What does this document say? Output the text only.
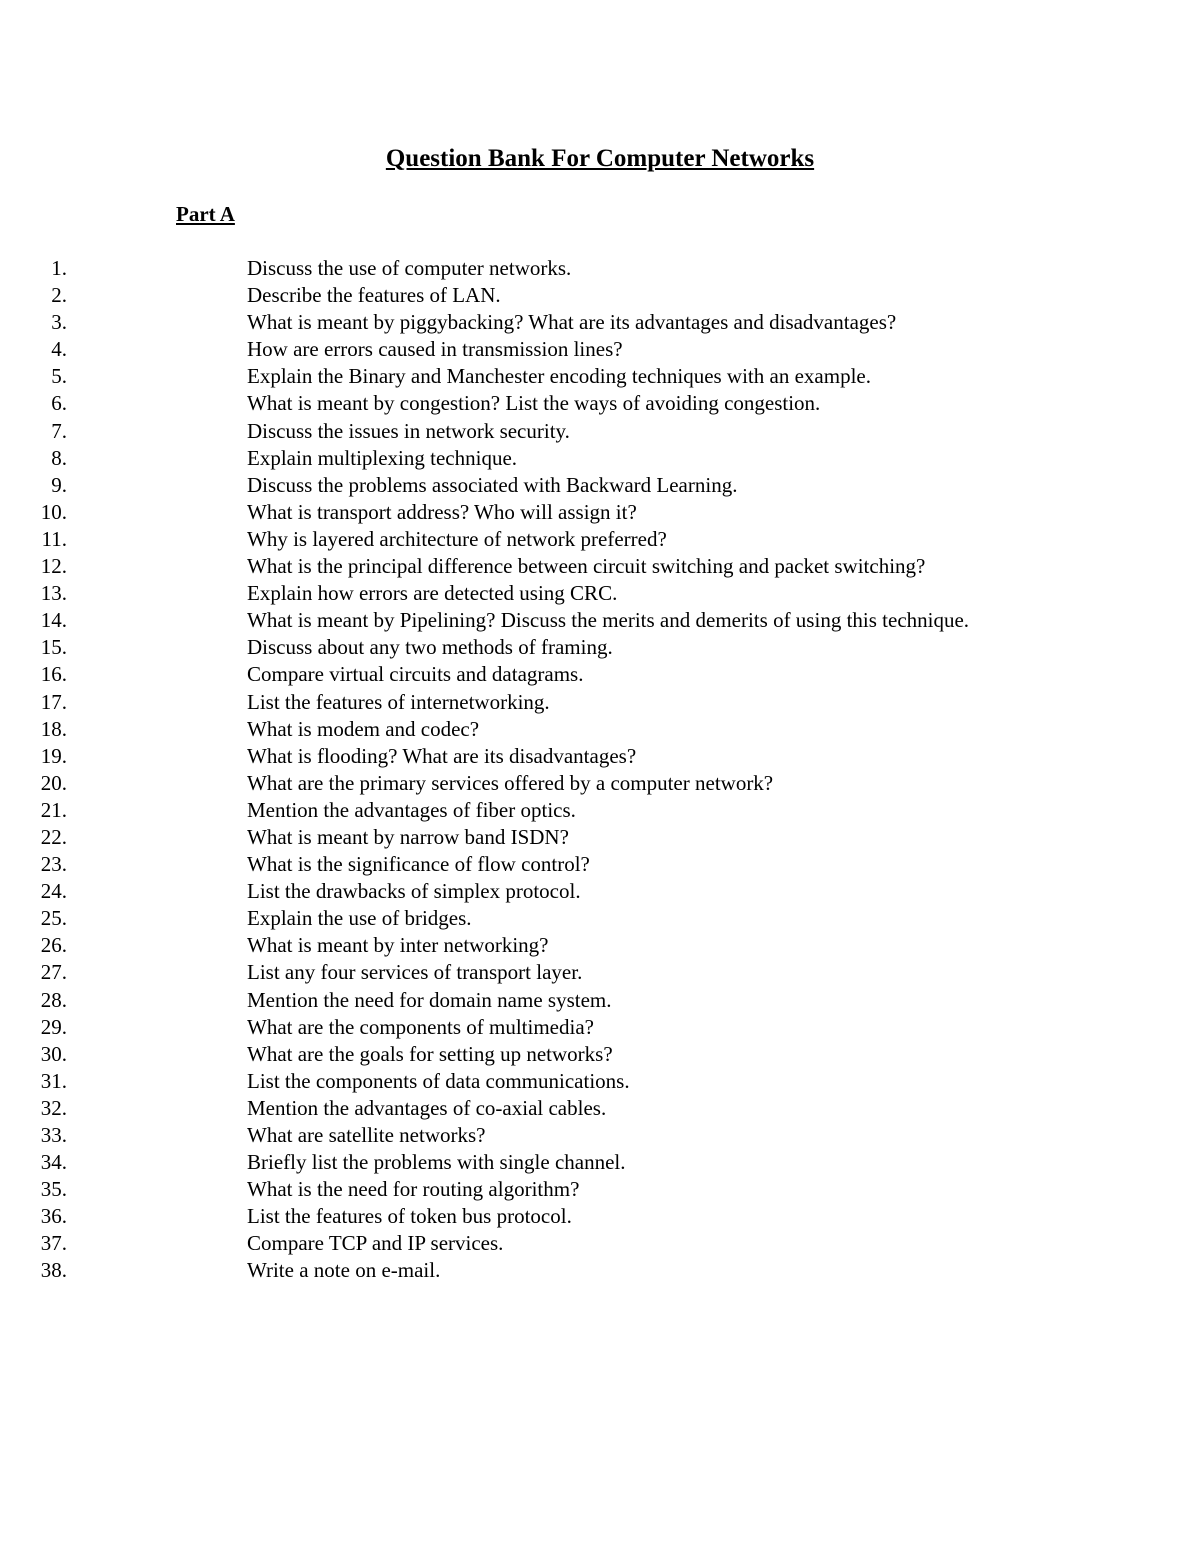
Question Bank For Computer Networks
Part A
1.	Discuss the use of computer networks.
2.	Describe the features of LAN.
3.	What is meant by piggybacking? What are its advantages and disadvantages?
4.	How are errors caused in transmission lines?
5.	Explain the Binary and Manchester encoding techniques with an example.
6.	What is meant by congestion? List the ways of avoiding congestion.
7.	Discuss the issues in network security.
8.	Explain multiplexing technique.
9.	Discuss the problems associated with Backward Learning.
10.	What is transport address? Who will assign it?
11.	Why is layered architecture of network preferred?
12.	What is the principal difference between circuit switching and packet switching?
13.	Explain how errors are detected using CRC.
14.	What is meant by Pipelining? Discuss the merits and demerits of using this technique.
15.	Discuss about any two methods of framing.
16.	Compare virtual circuits and datagrams.
17.	List the features of internetworking.
18.	What is modem and codec?
19.	What is flooding? What are its disadvantages?
20.	What are the primary services offered by a computer network?
21.	Mention the advantages of fiber optics.
22.	What is meant by narrow band ISDN?
23.	What is the significance of flow control?
24.	List the drawbacks of simplex protocol.
25.	Explain the use of bridges.
26.	What is meant by inter networking?
27.	List any four services of transport layer.
28.	Mention the need for domain name system.
29.	What are the components of multimedia?
30.	What are the goals for setting up networks?
31.	List the components of data communications.
32.	Mention the advantages of co-axial cables.
33.	What are satellite networks?
34.	Briefly list the problems with single channel.
35.	What is the need for routing algorithm?
36.	List the features of token bus protocol.
37.	Compare TCP and IP services.
38.	Write a note on e-mail.
